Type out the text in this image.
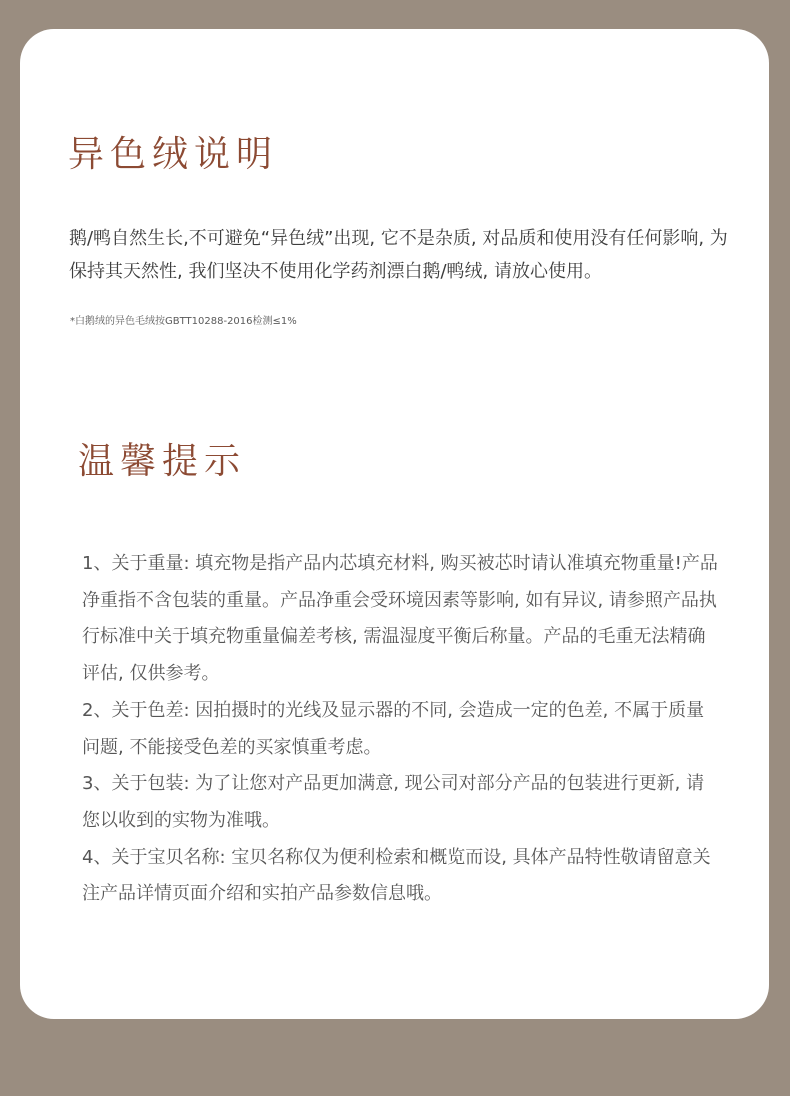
异色绒说明

鹅/鸭自然生长,不可避免“异色绒”出现, 它不是杂质, 对品质和使用没有任何影响, 为保持其天然性, 我们坚决不使用化学药剂漂白鹅/鸭绒, 请放心使用。

*白鹅绒的异色毛绒按GBTT10288-2016检测≤1%

温馨提示
1、关于重量: 填充物是指产品内芯填充材料, 购买被芯时请认准填充物重量!产品净重指不含包装的重量。产品净重会受环境因素等影响, 如有异议, 请参照产品执行标准中关于填充物重量偏差考核, 需温湿度平衡后称量。产品的毛重无法精确评估, 仅供参考。
2、关于色差: 因拍摄时的光线及显示器的不同, 会造成一定的色差, 不属于质量问题, 不能接受色差的买家慎重考虑。
3、关于包装: 为了让您对产品更加满意, 现公司对部分产品的包装进行更新, 请您以收到的实物为准哦。
4、关于宝贝名称: 宝贝名称仅为便利检索和概览而设, 具体产品特性敬请留意关注产品详情页面介绍和实拍产品参数信息哦。
